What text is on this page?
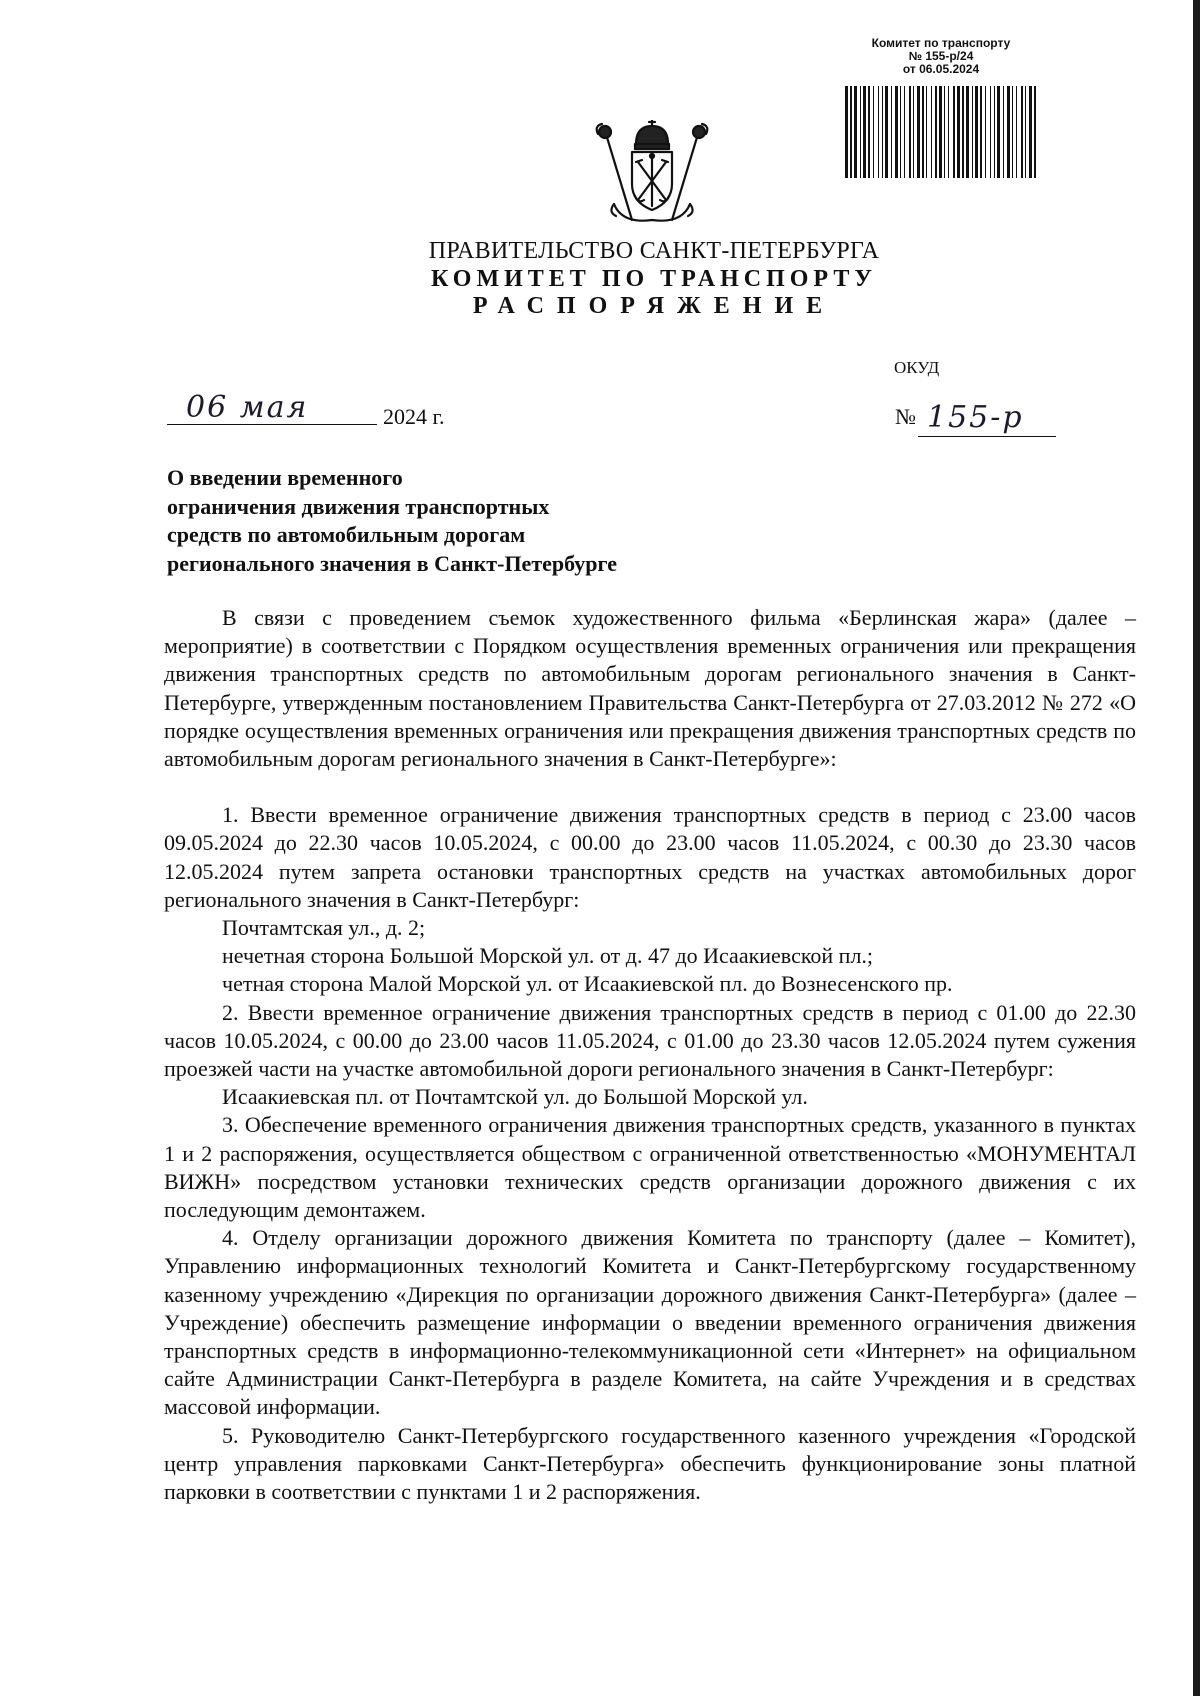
Комитет по транспорту
№ 155-р/24
от 06.05.2024
ПРАВИТЕЛЬСТВО САНКТ-ПЕТЕРБУРГА
КОМИТЕТ ПО ТРАНСПОРТУ
РАСПОРЯЖЕНИЕ
ОКУД
06 мая	2024 г.	№ 155-р
О введении временного
ограничения движения транспортных
средств по автомобильным дорогам
регионального значения в Санкт-Петербурге

В связи с проведением съемок художественного фильма «Берлинская жара» (далее – мероприятие) в соответствии с Порядком осуществления временных ограничения или прекращения движения транспортных средств по автомобильным дорогам регионального значения в Санкт-Петербурге, утвержденным постановлением Правительства Санкт-Петербурга от 27.03.2012 № 272 «О порядке осуществления временных ограничения или прекращения движения транспортных средств по автомобильным дорогам регионального значения в Санкт-Петербурге»:

1. Ввести временное ограничение движения транспортных средств в период с 23.00 часов 09.05.2024 до 22.30 часов 10.05.2024, с 00.00 до 23.00 часов 11.05.2024, с 00.30 до 23.30 часов 12.05.2024 путем запрета остановки транспортных средств на участках автомобильных дорог регионального значения в Санкт-Петербург:

Почтамтская ул., д. 2;

нечетная сторона Большой Морской ул. от д. 47 до Исаакиевской пл.;

четная сторона Малой Морской ул. от Исаакиевской пл. до Вознесенского пр.

2. Ввести временное ограничение движения транспортных средств в период с 01.00 до 22.30 часов 10.05.2024, с 00.00 до 23.00 часов 11.05.2024, с 01.00 до 23.30 часов 12.05.2024 путем сужения проезжей части на участке автомобильной дороги регионального значения в Санкт-Петербург:

Исаакиевская пл. от Почтамтской ул. до Большой Морской ул.

3. Обеспечение временного ограничения движения транспортных средств, указанного в пунктах 1 и 2 распоряжения, осуществляется обществом с ограниченной ответственностью «МОНУМЕНТАЛ ВИЖН» посредством установки технических средств организации дорожного движения с их последующим демонтажем.

4. Отделу организации дорожного движения Комитета по транспорту (далее – Комитет), Управлению информационных технологий Комитета и Санкт-Петербургскому государственному казенному учреждению «Дирекция по организации дорожного движения Санкт-Петербурга» (далее – Учреждение) обеспечить размещение информации о введении временного ограничения движения транспортных средств в информационно-телекоммуникационной сети «Интернет» на официальном сайте Администрации Санкт-Петербурга в разделе Комитета, на сайте Учреждения и в средствах массовой информации.

5. Руководителю Санкт-Петербургского государственного казенного учреждения «Городской центр управления парковками Санкт-Петербурга» обеспечить функционирование зоны платной парковки в соответствии с пунктами 1 и 2 распоряжения.
